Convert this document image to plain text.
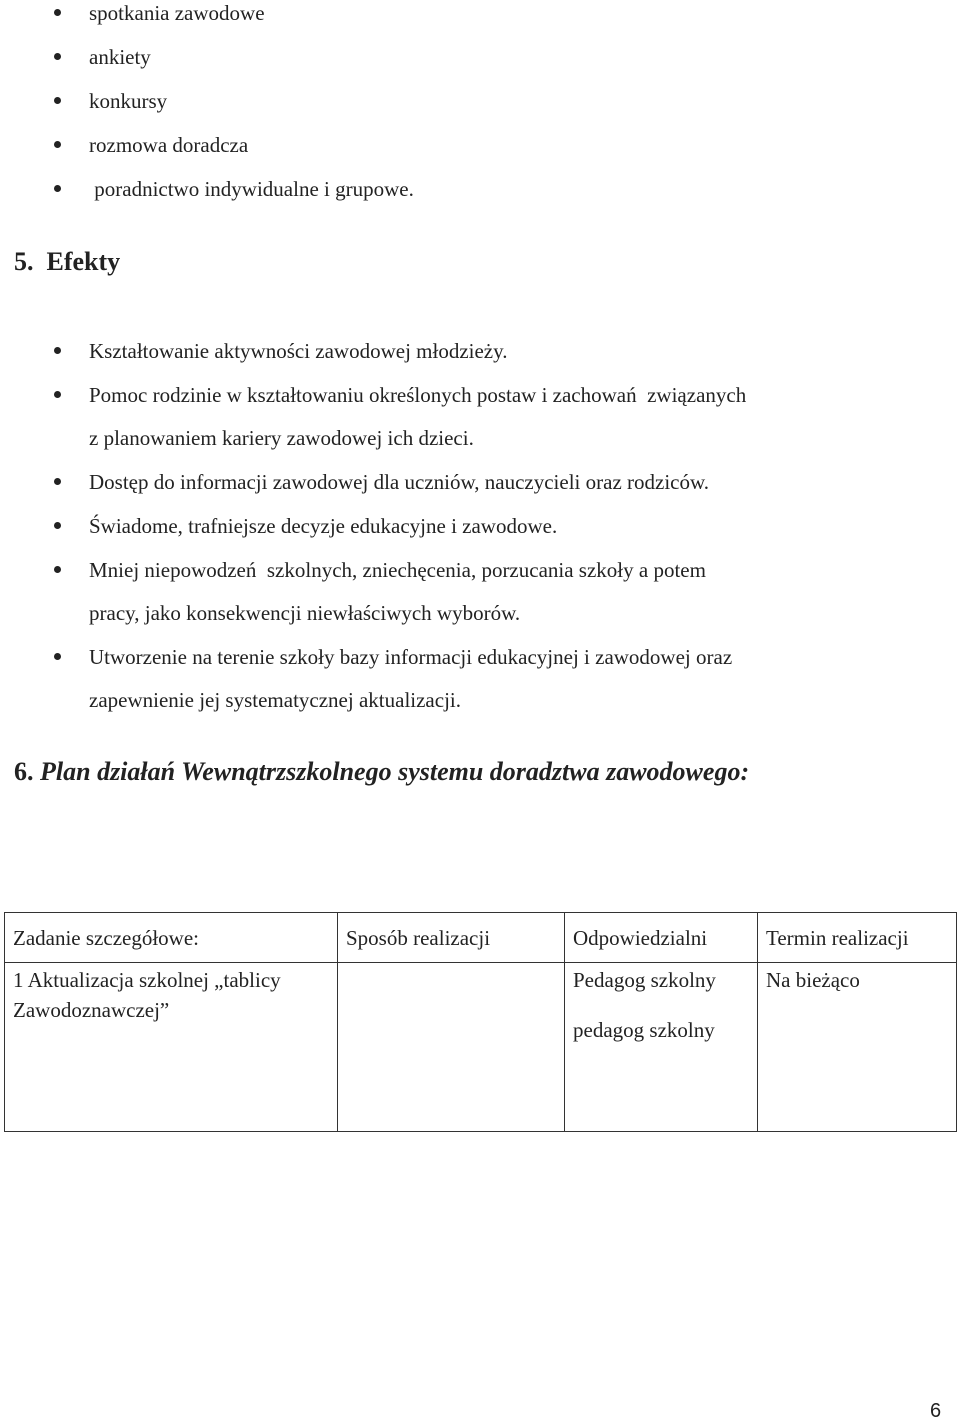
spotkania zawodowe
ankiety
konkursy
rozmowa doradcza
poradnictwo indywidualne i grupowe.
5. Efekty
Kształtowanie aktywności zawodowej młodzieży.
Pomoc rodzinie w kształtowaniu określonych postaw i zachowań  związanych
z planowaniem kariery zawodowej ich dzieci.
Dostęp do informacji zawodowej dla uczniów, nauczycieli oraz rodziców.
Świadome, trafniejsze decyzje edukacyjne i zawodowe.
Mniej niepowodzeń  szkolnych, zniechęcenia, porzucania szkoły a potem
pracy, jako konsekwencji niewłaściwych wyborów.
Utworzenie na terenie szkoły bazy informacji edukacyjnej i zawodowej oraz
zapewnienie jej systematycznej aktualizacji.
6. Plan działań Wewnątrzszkolnego systemu doradztwa zawodowego:
Zadanie szczegółowe:	Sposób realizacji	Odpowiedzialni	Termin realizacji

1 Aktualizacja szkolnej „tablicy
Zawodoznawczej”		Pedagog szkolny
pedagog szkolny	Na bieżąco
6
